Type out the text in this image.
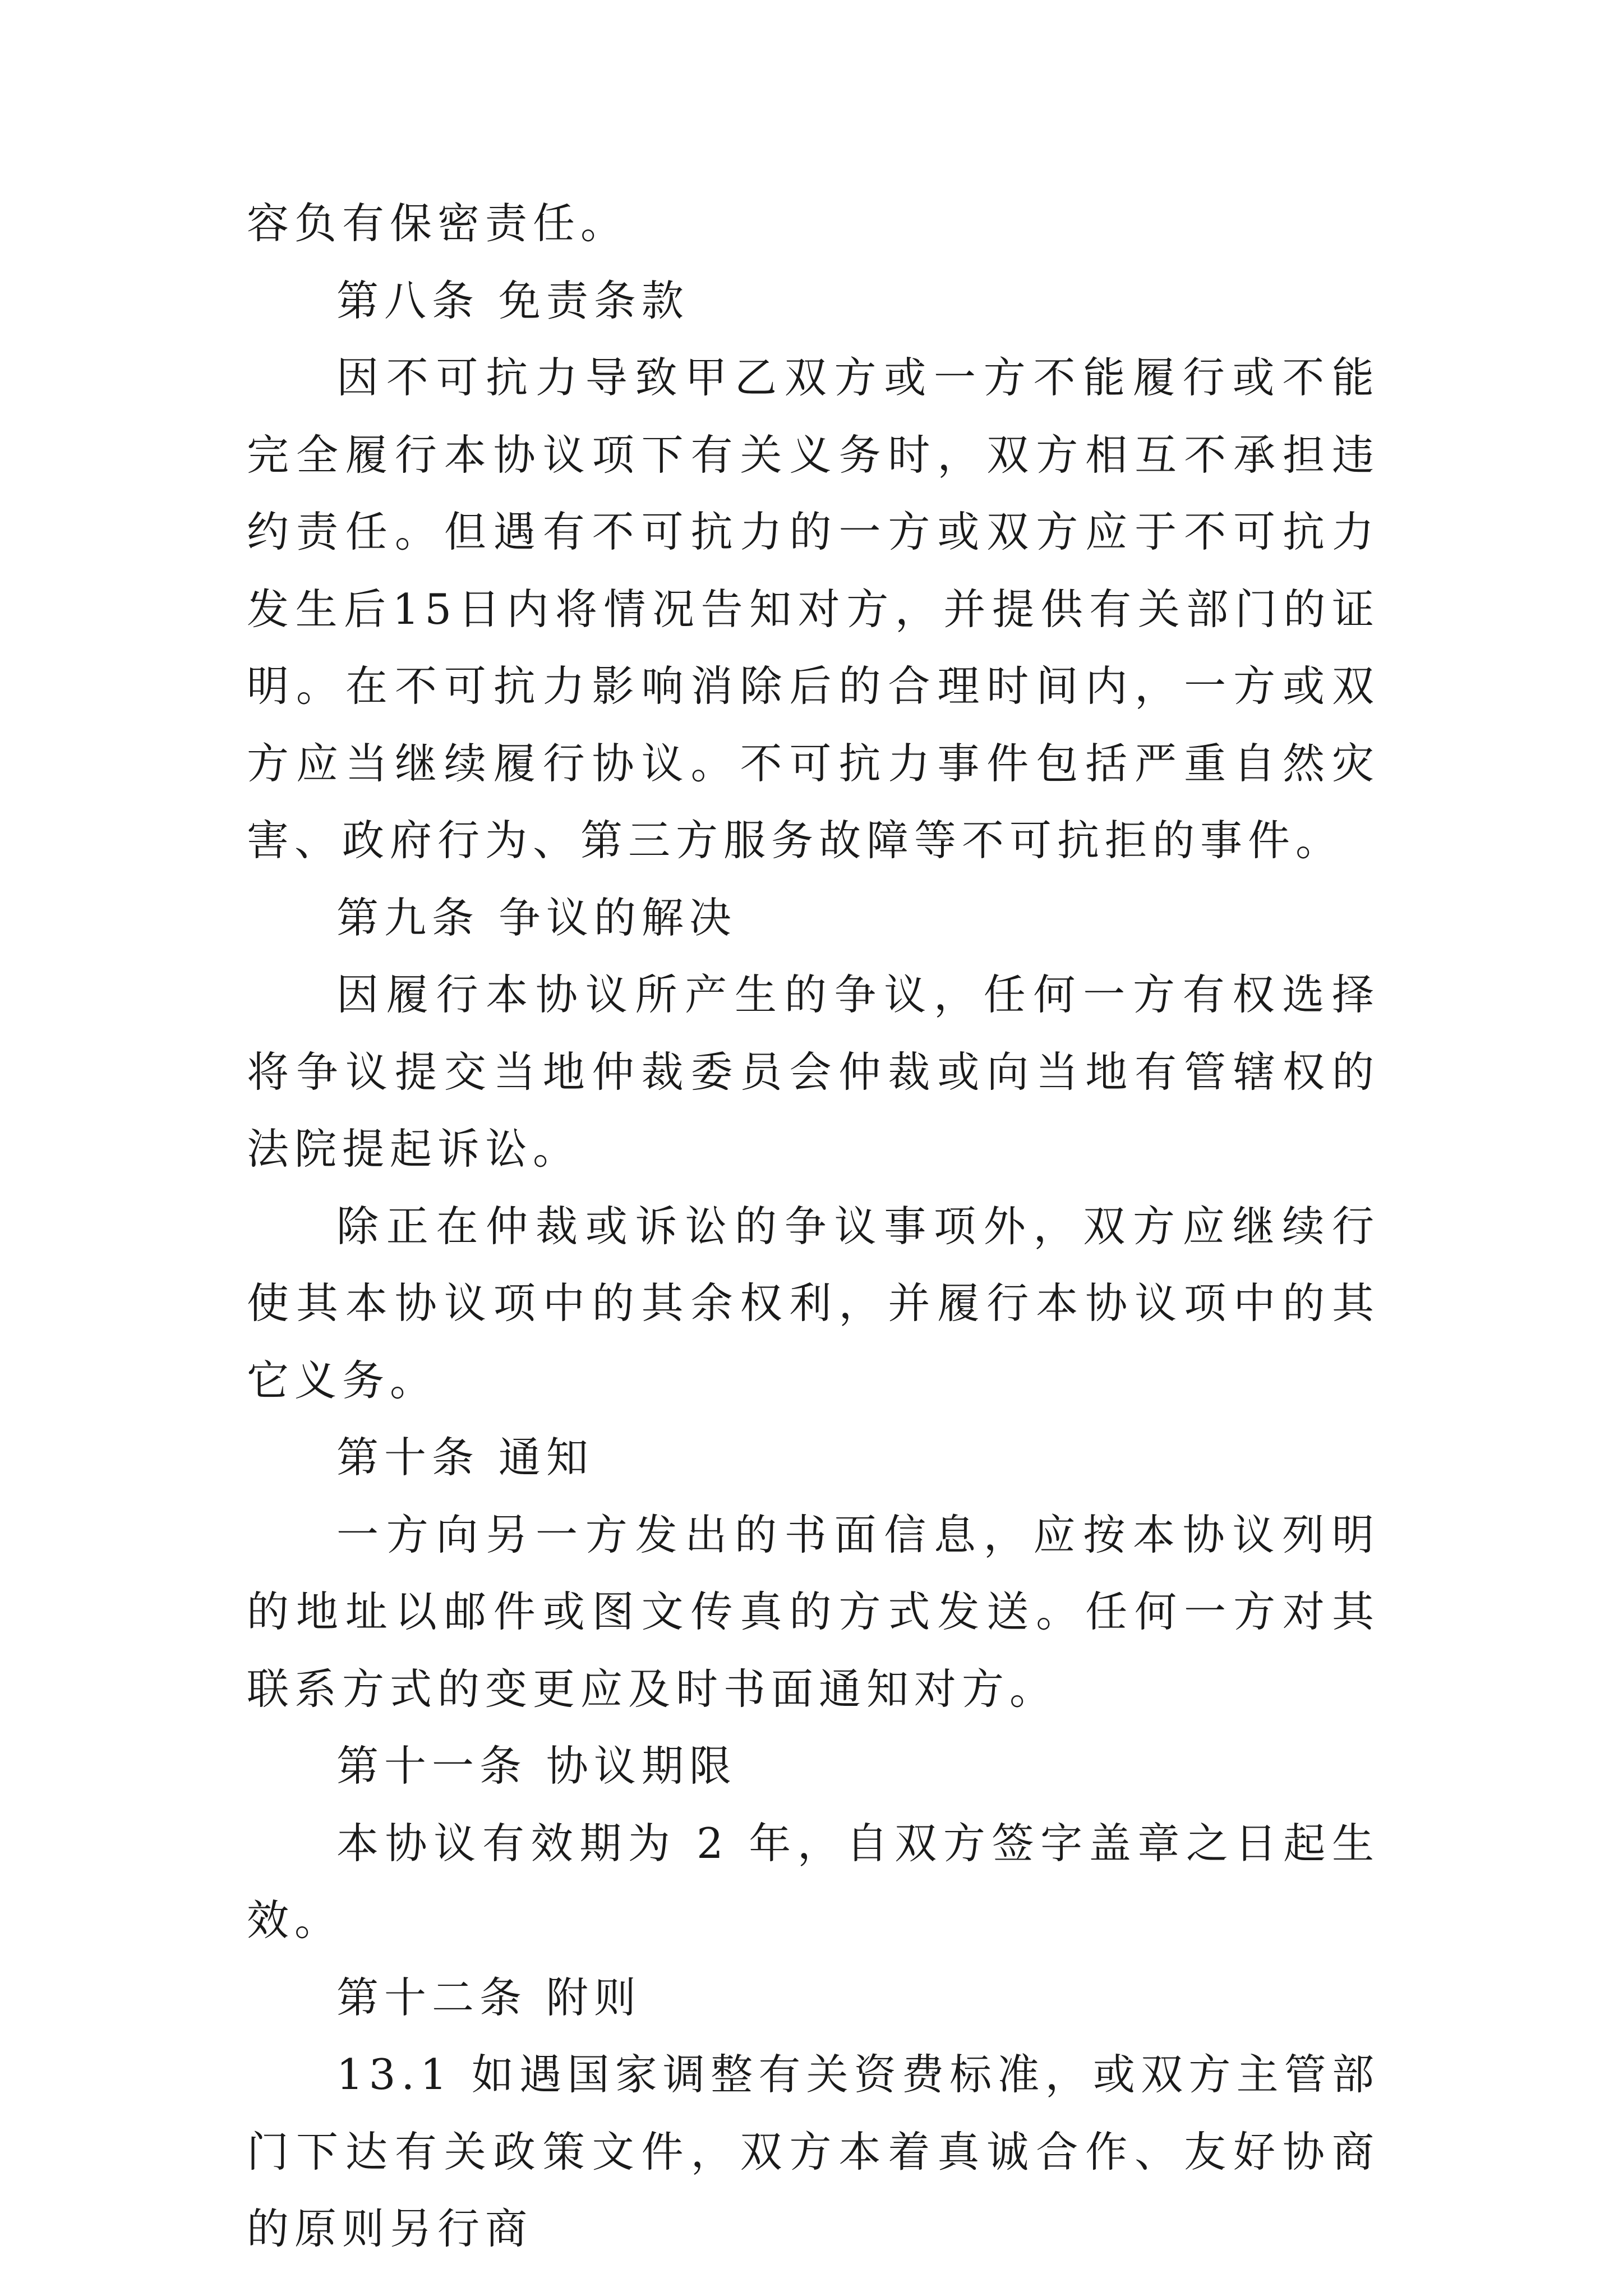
容负有保密责任。

第八条 免责条款

因不可抗力导致甲乙双方或一方不能履行或不能完全履行本协议项下有关义务时，双方相互不承担违约责任。但遇有不可抗力的一方或双方应于不可抗力发生后15日内将情况告知对方，并提供有关部门的证明。在不可抗力影响消除后的合理时间内，一方或双方应当继续履行协议。不可抗力事件包括严重自然灾害、政府行为、第三方服务故障等不可抗拒的事件。

第九条 争议的解决

因履行本协议所产生的争议，任何一方有权选择将争议提交当地仲裁委员会仲裁或向当地有管辖权的法院提起诉讼。

除正在仲裁或诉讼的争议事项外，双方应继续行使其本协议项中的其余权利，并履行本协议项中的其它义务。

第十条 通知

一方向另一方发出的书面信息，应按本协议列明的地址以邮件或图文传真的方式发送。任何一方对其联系方式的变更应及时书面通知对方。

第十一条 协议期限

本协议有效期为 2 年，自双方签字盖章之日起生效。

第十二条 附则

13.1 如遇国家调整有关资费标准，或双方主管部门下达有关政策文件，双方本着真诚合作、友好协商的原则另行商
